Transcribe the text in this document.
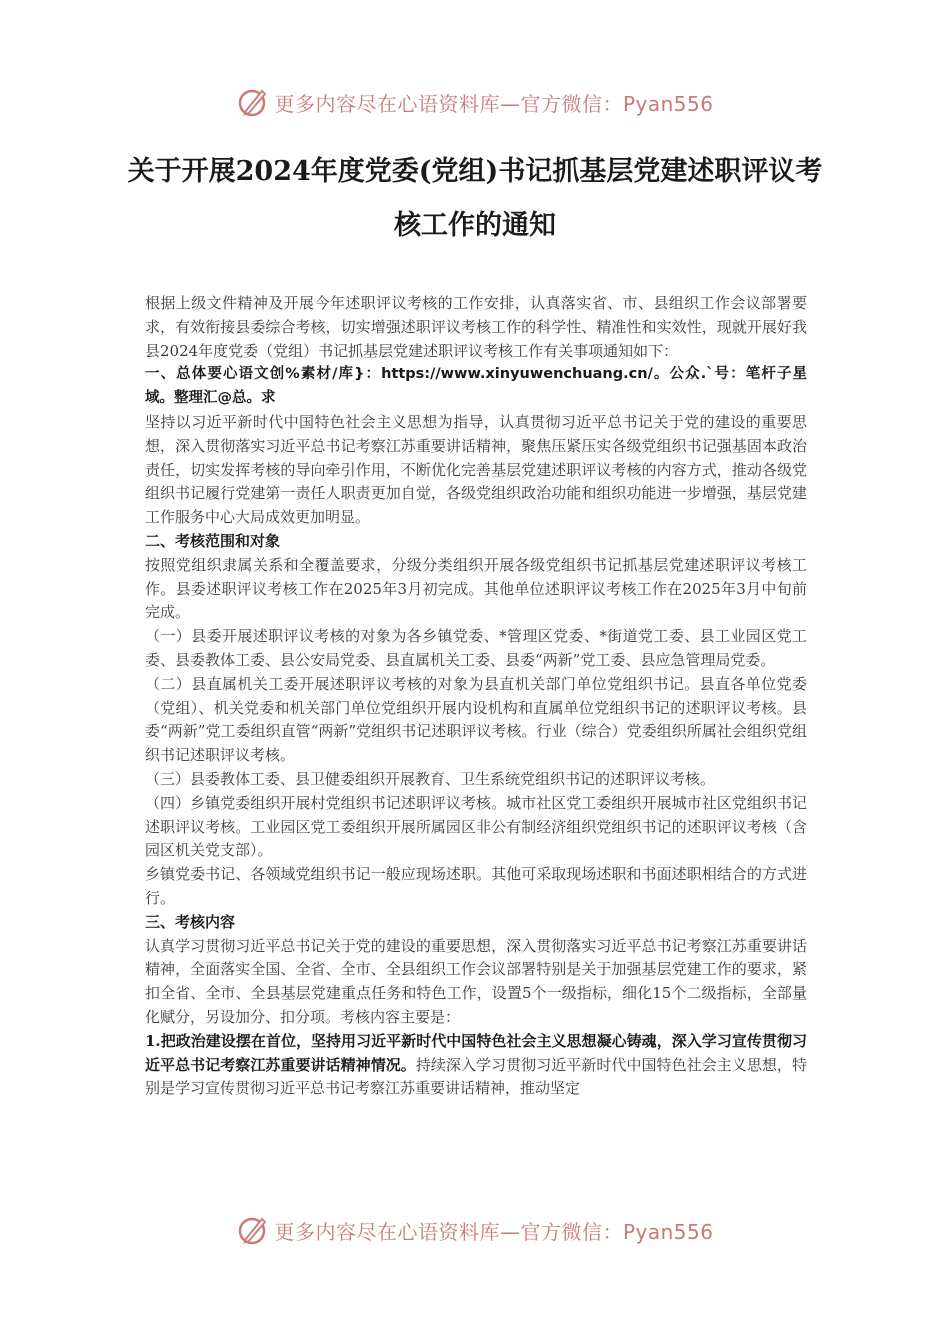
更多内容尽在心语资料库—官方微信：Pyan556
关于开展2024年度党委(党组)书记抓基层党建述职评议考核工作的通知

根据上级文件精神及开展今年述职评议考核的工作安排，认真落实省、市、县组织工作会议部署要求，有效衔接县委综合考核，切实增强述职评议考核工作的科学性、精准性和实效性，现就开展好我县2024年度党委（党组）书记抓基层党建述职评议考核工作有关事项通知如下：

一、总体要心语文创%素材/库}：https://www.xinyuwenchuang.cn/。公众.`号：笔杆子星域。整理汇@总。求

坚持以习近平新时代中国特色社会主义思想为指导，认真贯彻习近平总书记关于党的建设的重要思想，深入贯彻落实习近平总书记考察江苏重要讲话精神，聚焦压紧压实各级党组织书记强基固本政治责任，切实发挥考核的导向牵引作用，不断优化完善基层党建述职评议考核的内容方式，推动各级党组织书记履行党建第一责任人职责更加自觉，各级党组织政治功能和组织功能进一步增强，基层党建工作服务中心大局成效更加明显。

二、考核范围和对象

按照党组织隶属关系和全覆盖要求，分级分类组织开展各级党组织书记抓基层党建述职评议考核工作。县委述职评议考核工作在2025年3月初完成。其他单位述职评议考核工作在2025年3月中旬前完成。

（一）县委开展述职评议考核的对象为各乡镇党委、*管理区党委、*街道党工委、县工业园区党工委、县委教体工委、县公安局党委、县直属机关工委、县委“两新”党工委、县应急管理局党委。

（二）县直属机关工委开展述职评议考核的对象为县直机关部门单位党组织书记。县直各单位党委（党组）、机关党委和机关部门单位党组织开展内设机构和直属单位党组织书记的述职评议考核。县委“两新”党工委组织直管“两新”党组织书记述职评议考核。行业（综合）党委组织所属社会组织党组织书记述职评议考核。

（三）县委教体工委、县卫健委组织开展教育、卫生系统党组织书记的述职评议考核。

（四）乡镇党委组织开展村党组织书记述职评议考核。城市社区党工委组织开展城市社区党组织书记述职评议考核。工业园区党工委组织开展所属园区非公有制经济组织党组织书记的述职评议考核（含园区机关党支部）。

乡镇党委书记、各领域党组织书记一般应现场述职。其他可采取现场述职和书面述职相结合的方式进行。

三、考核内容

认真学习贯彻习近平总书记关于党的建设的重要思想，深入贯彻落实习近平总书记考察江苏重要讲话精神，全面落实全国、全省、全市、全县组织工作会议部署特别是关于加强基层党建工作的要求，紧扣全省、全市、全县基层党建重点任务和特色工作，设置5个一级指标，细化15个二级指标，全部量化赋分，另设加分、扣分项。考核内容主要是：

1.把政治建设摆在首位，坚持用习近平新时代中国特色社会主义思想凝心铸魂，深入学习宣传贯彻习近平总书记考察江苏重要讲话精神情况。持续深入学习贯彻习近平新时代中国特色社会主义思想，特别是学习宣传贯彻习近平总书记考察江苏重要讲话精神，推动坚定

更多内容尽在心语资料库—官方微信：Pyan556
